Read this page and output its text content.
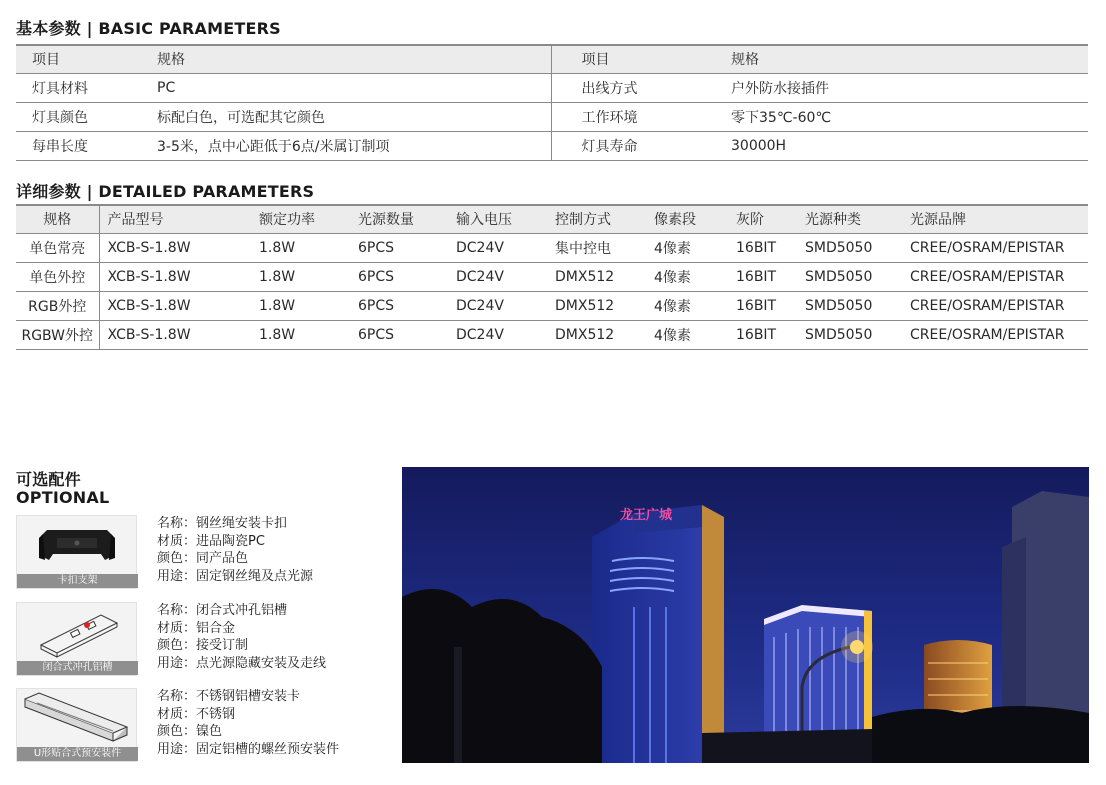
基本参数 | BASIC PARAMETERS
项目	规格	项目	规格
灯具材料	PC	出线方式	户外防水接插件
灯具颜色	标配白色，可选配其它颜色	工作环境	零下35℃-60℃
每串长度	3-5米，点中心距低于6点/米属订制项	灯具寿命	30000H
详细参数 | DETAILED PARAMETERS
规格	产品型号	额定功率	光源数量	输入电压	控制方式	像素段	灰阶	光源种类	光源品牌
单色常亮	XCB-S-1.8W	1.8W	6PCS	DC24V	集中控电	4像素	16BIT	SMD5050	CREE/OSRAM/EPISTAR
单色外控	XCB-S-1.8W	1.8W	6PCS	DC24V	DMX512	4像素	16BIT	SMD5050	CREE/OSRAM/EPISTAR
RGB外控	XCB-S-1.8W	1.8W	6PCS	DC24V	DMX512	4像素	16BIT	SMD5050	CREE/OSRAM/EPISTAR
RGBW外控	XCB-S-1.8W	1.8W	6PCS	DC24V	DMX512	4像素	16BIT	SMD5050	CREE/OSRAM/EPISTAR
可选配件
OPTIONAL
卡扣支架
名称：钢丝绳安装卡扣
材质：进品陶瓷PC
颜色：同产品色
用途：固定钢丝绳及点光源
闭合式冲孔铝槽
名称：闭合式冲孔铝槽
材质：铝合金
颜色：接受订制
用途：点光源隐藏安装及走线
U形贴合式预安装件
名称：不锈钢铝槽安装卡
材质：不锈钢
颜色：镍色
用途：固定铝槽的螺丝预安装件
龙王广城
